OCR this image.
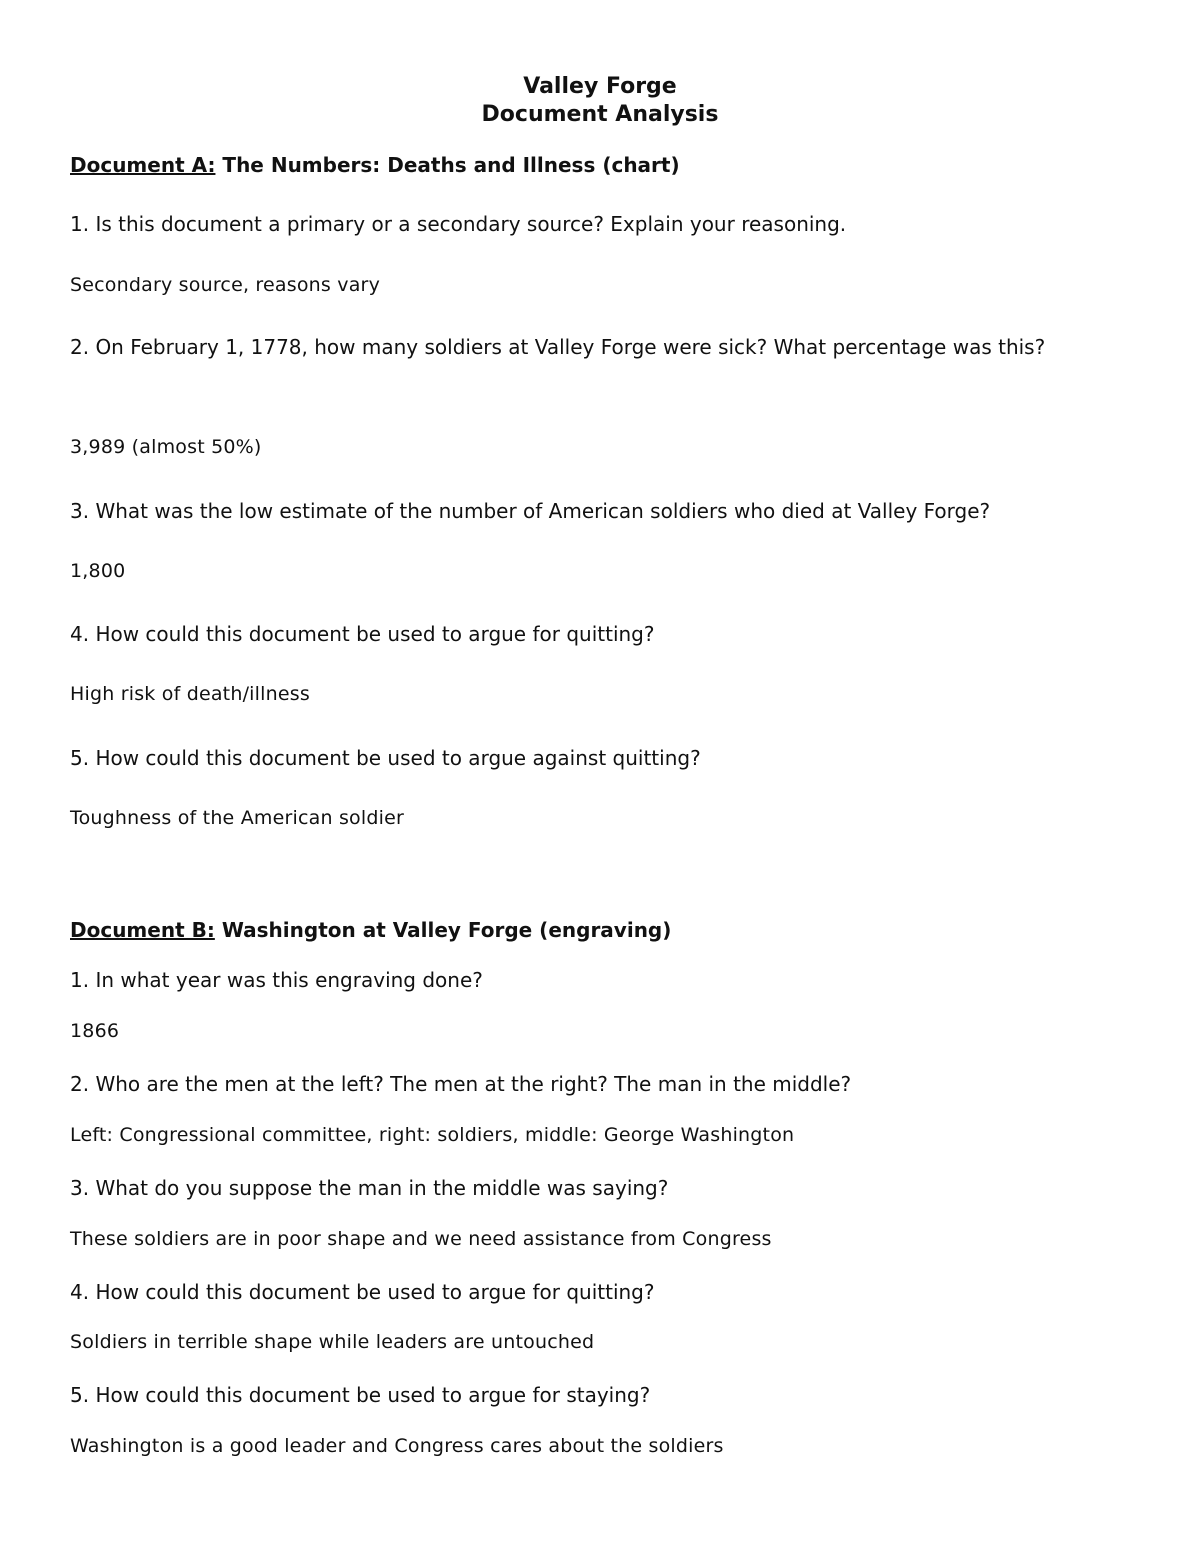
Valley Forge
Document Analysis
Document A: The Numbers: Deaths and Illness (chart)
1. Is this document a primary or a secondary source? Explain your reasoning.
Secondary source, reasons vary
2. On February 1, 1778, how many soldiers at Valley Forge were sick? What percentage was this?
3,989 (almost 50%)
3. What was the low estimate of the number of American soldiers who died at Valley Forge?
1,800
4. How could this document be used to argue for quitting?
High risk of death/illness
5. How could this document be used to argue against quitting?
Toughness of the American soldier
Document B: Washington at Valley Forge (engraving)
1. In what year was this engraving done?
1866
2. Who are the men at the left? The men at the right? The man in the middle?
Left: Congressional committee, right: soldiers, middle: George Washington
3. What do you suppose the man in the middle was saying?
These soldiers are in poor shape and we need assistance from Congress
4. How could this document be used to argue for quitting?
Soldiers in terrible shape while leaders are untouched
5. How could this document be used to argue for staying?
Washington is a good leader and Congress cares about the soldiers
